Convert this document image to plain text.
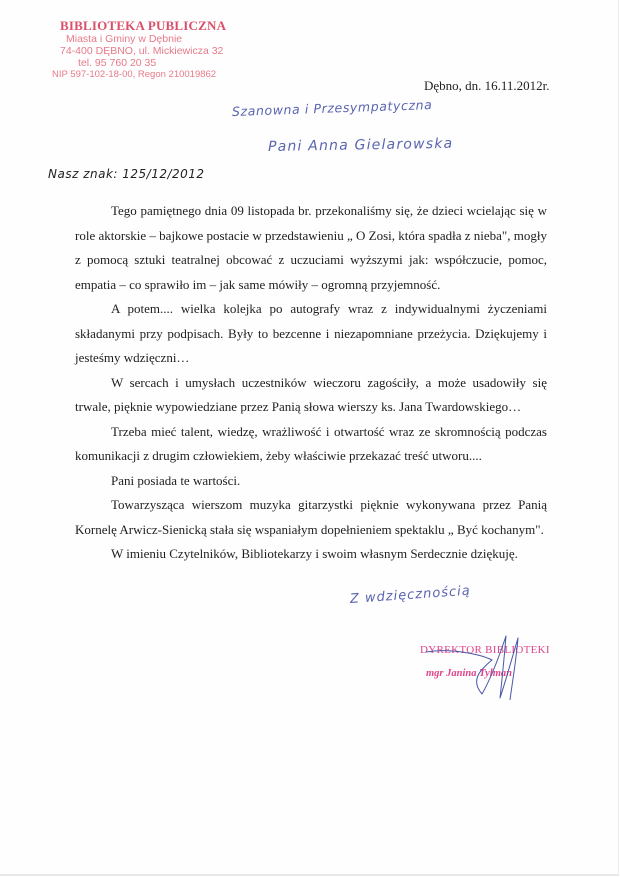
BIBLIOTEKA PUBLICZNA
Miasta i Gminy w Dębnie
74-400 DĘBNO, ul. Mickiewicza 32
tel. 95 760 20 35
NIP 597-102-18-00, Regon 210019862
Dębno, dn. 16.11.2012r.
Szanowna i Przesympatyczna
Pani Anna Gielarowska
Nasz znak: 125/12/2012

Tego pamiętnego dnia 09 listopada br. przekonaliśmy się, że dzieci wcielając się w role aktorskie – bajkowe postacie w przedstawieniu „ O Zosi, która spadła z nieba", mogły z pomocą sztuki teatralnej obcować z uczuciami wyższymi jak: współczucie, pomoc, empatia – co sprawiło im – jak same mówiły – ogromną przyjemność.

A potem.... wielka kolejka po autografy wraz z indywidualnymi życzeniami składanymi przy podpisach. Były to bezcenne i niezapomniane przeżycia. Dziękujemy i jesteśmy wdzięczni…

W sercach i umysłach uczestników wieczoru zagościły, a może usadowiły się trwale, pięknie wypowiedziane przez Panią słowa wierszy ks. Jana Twardowskiego…

Trzeba mieć talent, wiedzę, wrażliwość i otwartość wraz ze skromnością podczas komunikacji z drugim człowiekiem, żeby właściwie przekazać treść utworu....

Pani posiada te wartości.

Towarzysząca wierszom muzyka gitarzystki pięknie wykonywana przez Panią Kornelę Arwicz-Sienicką stała się wspaniałym dopełnieniem spektaklu „ Być kochanym".

W imieniu Czytelników, Bibliotekarzy i swoim własnym Serdecznie dziękuję.

Z wdzięcznością
DYREKTOR BIBLIOTEKI
mgr Janina Tylman
